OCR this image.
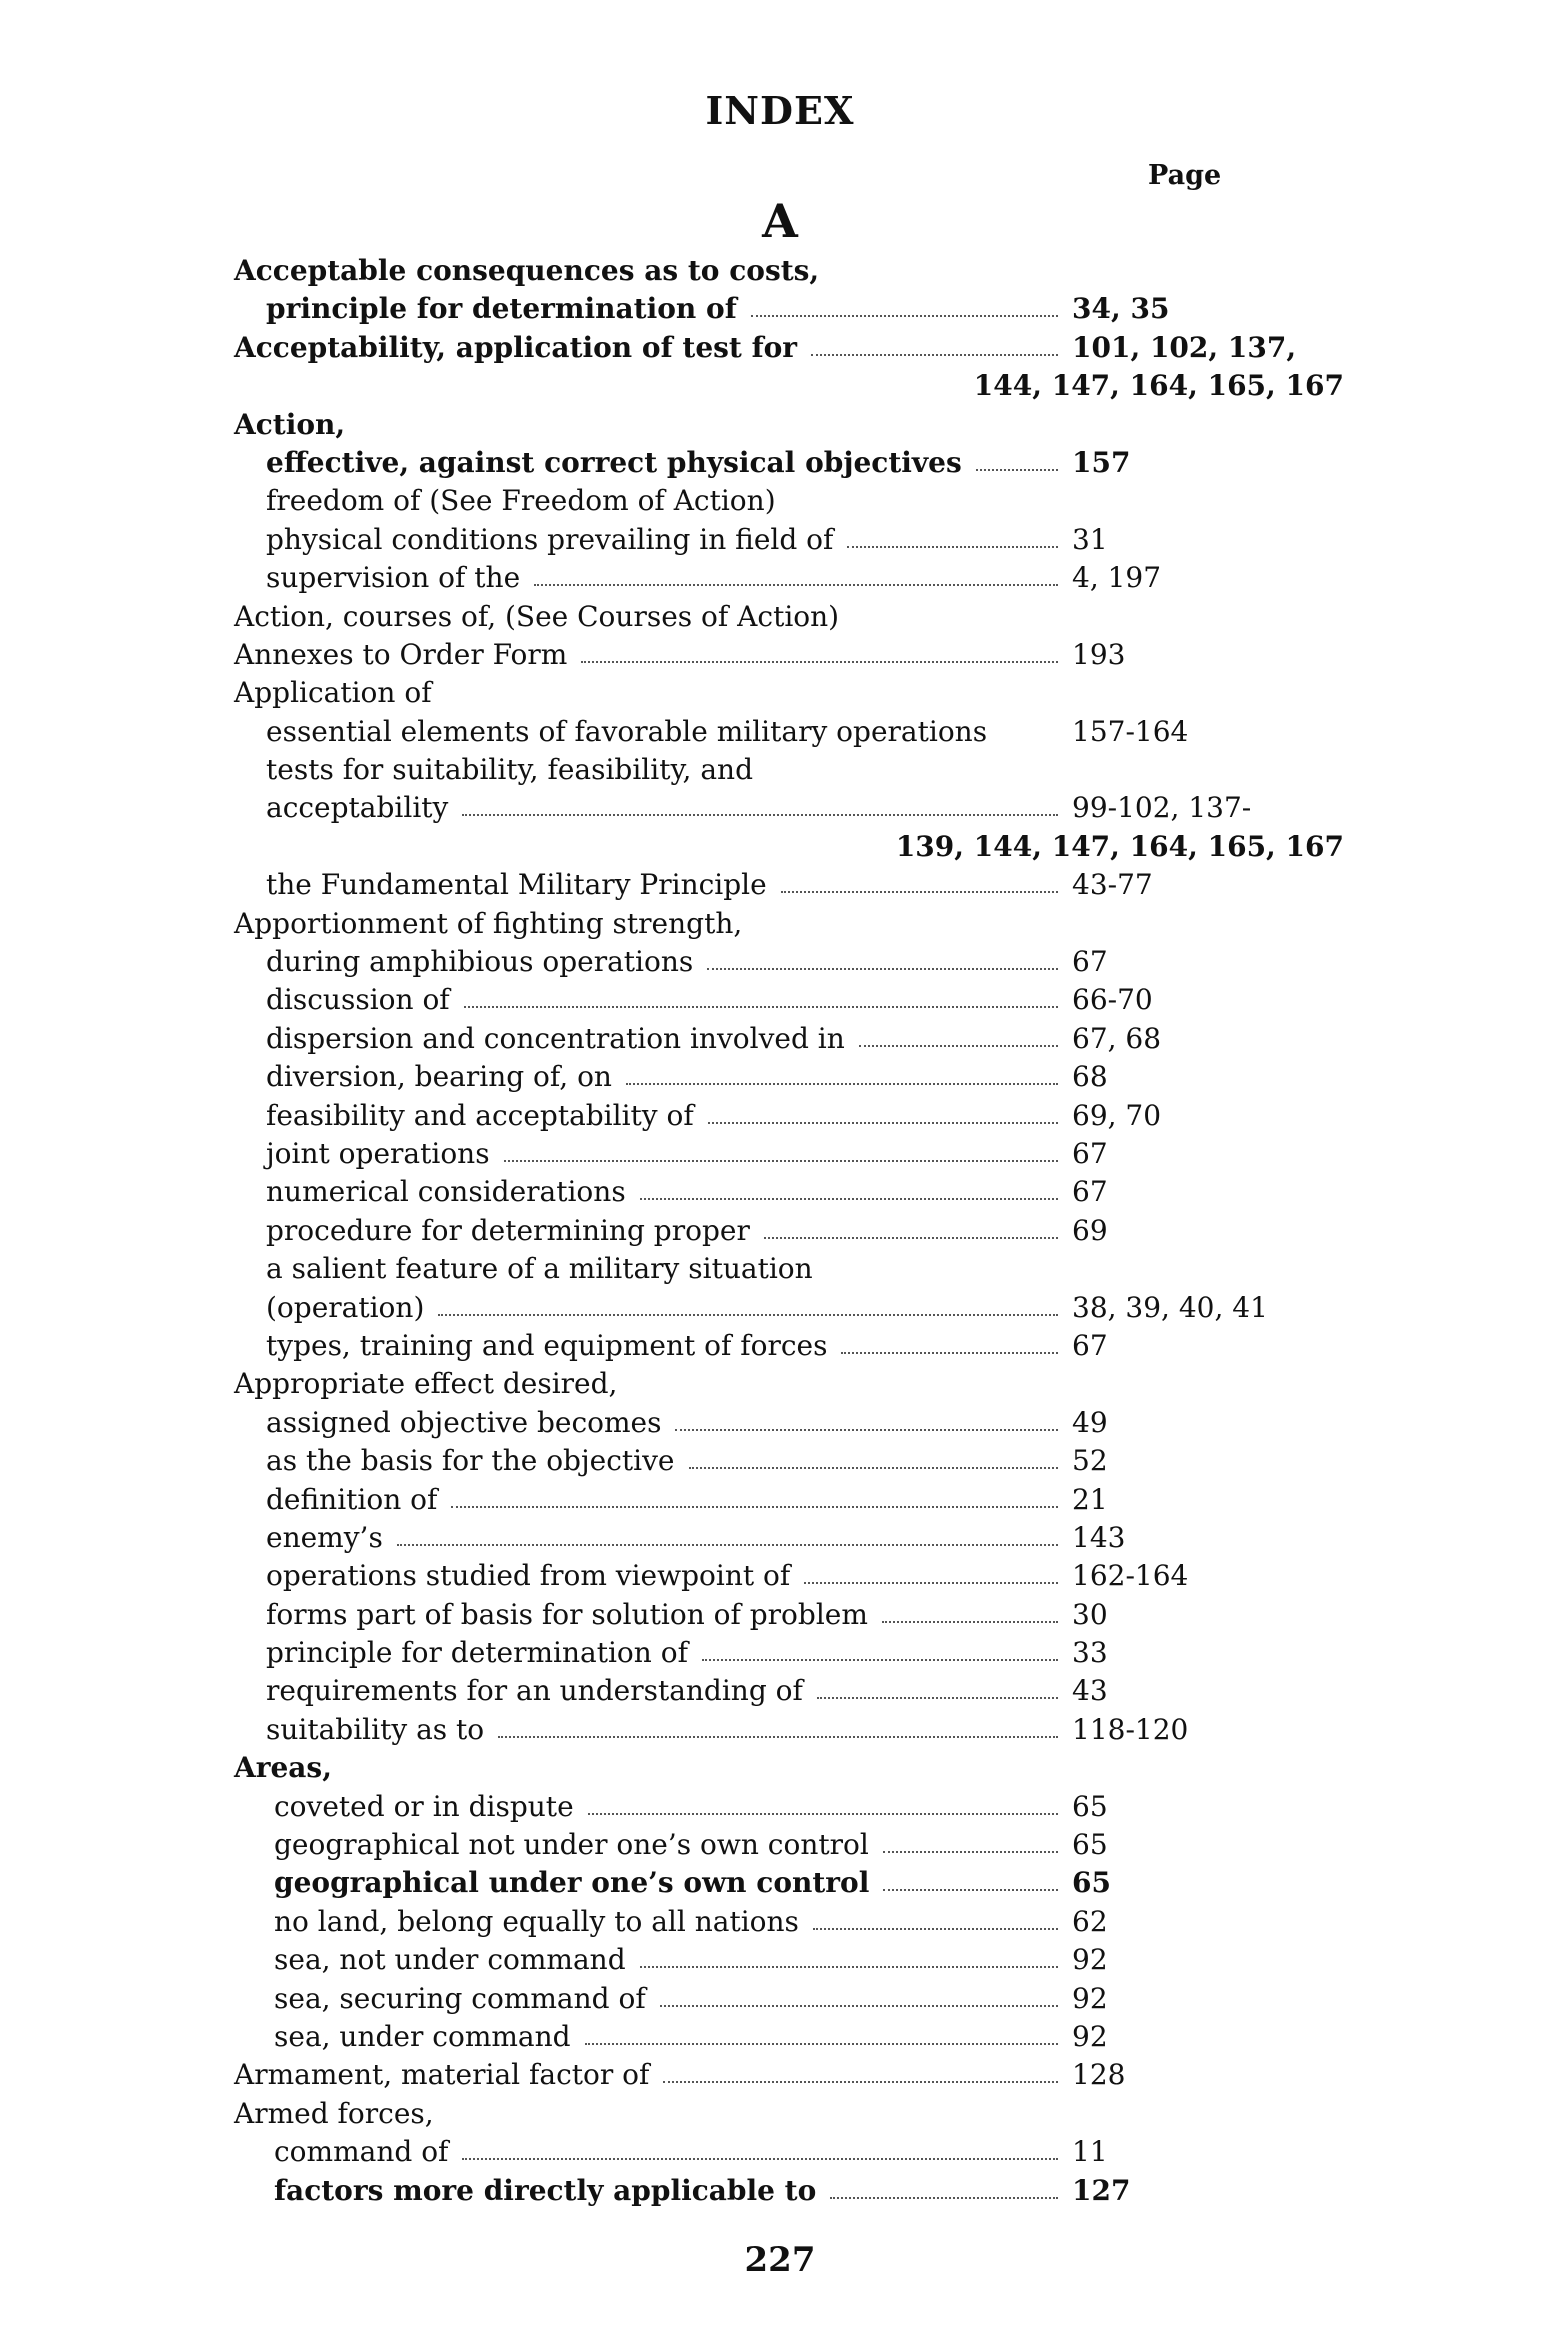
INDEX
Page
A
Acceptable consequences as to costs,
principle for determination of	34, 35
Acceptability, application of test for	101, 102, 137,
144, 147, 164, 165, 167
Action,
effective, against correct physical objectives	157
freedom of (See Freedom of Action)
physical conditions prevailing in field of	31
supervision of the	4, 197
Action, courses of, (See Courses of Action)
Annexes to Order Form	193
Application of
essential elements of favorable military operations	157-164
tests for suitability, feasibility, and
acceptability	99-102, 137-
139, 144, 147, 164, 165, 167
the Fundamental Military Principle	43-77
Apportionment of fighting strength,
during amphibious operations	67
discussion of	66-70
dispersion and concentration involved in	67, 68
diversion, bearing of, on	68
feasibility and acceptability of	69, 70
joint operations	67
numerical considerations	67
procedure for determining proper	69
a salient feature of a military situation
(operation)	38, 39, 40, 41
types, training and equipment of forces	67
Appropriate effect desired,
assigned objective becomes	49
as the basis for the objective	52
definition of	21
enemy’s	143
operations studied from viewpoint of	162-164
forms part of basis for solution of problem	30
principle for determination of	33
requirements for an understanding of	43
suitability as to	118-120
Areas,
coveted or in dispute	65
geographical not under one’s own control	65
geographical under one’s own control	65
no land, belong equally to all nations	62
sea, not under command	92
sea, securing command of	92
sea, under command	92
Armament, material factor of	128
Armed forces,
command of	11
factors more directly applicable to	127
227
